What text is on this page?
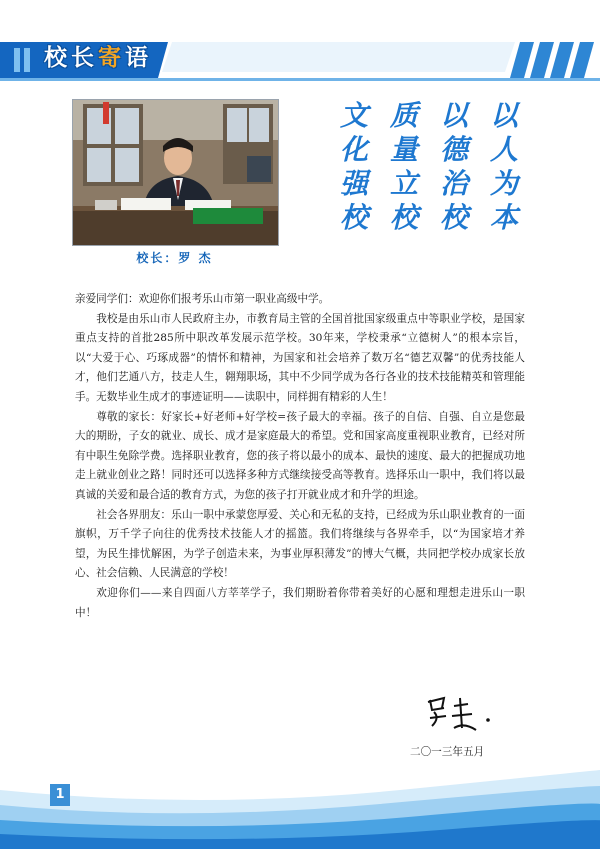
校长寄语
校长：罗 杰
文
化
强
校
质
量
立
校
以
德
治
校
以
人
为
本

亲爱同学们：欢迎你们报考乐山市第一职业高级中学。

我校是由乐山市人民政府主办，市教育局主管的全国首批国家级重点中等职业学校，是国家重点支持的首批285所中职改革发展示范学校。30年来，学校秉承“立德树人”的根本宗旨，以“大爱于心、巧琢成器”的情怀和精神，为国家和社会培养了数万名“德艺双馨”的优秀技能人才，他们艺通八方，技走人生，翱翔职场，其中不少同学成为各行各业的技术技能精英和管理能手。无数毕业生成才的事迹证明——读职中，同样拥有精彩的人生！

尊敬的家长：好家长+好老师+好学校=孩子最大的幸福。孩子的自信、自强、自立是您最大的期盼，子女的就业、成长、成才是家庭最大的希望。党和国家高度重视职业教育，已经对所有中职生免除学费。选择职业教育，您的孩子将以最小的成本、最快的速度、最大的把握成功地走上就业创业之路！同时还可以选择多种方式继续接受高等教育。选择乐山一职中，我们将以最真诚的关爱和最合适的教育方式，为您的孩子打开就业成才和升学的坦途。

社会各界朋友：乐山一职中承蒙您厚爱、关心和无私的支持，已经成为乐山职业教育的一面旗帜，万千学子向往的优秀技术技能人才的摇篮。我们将继续与各界牵手，以“为国家培才养望，为民生排忧解困，为学子创造未来，为事业厚积薄发”的博大气概，共同把学校办成家长放心、社会信赖、人民满意的学校！

欢迎你们——来自四面八方莘莘学子，我们期盼着你带着美好的心愿和理想走进乐山一职中！

二〇一三年五月
1
